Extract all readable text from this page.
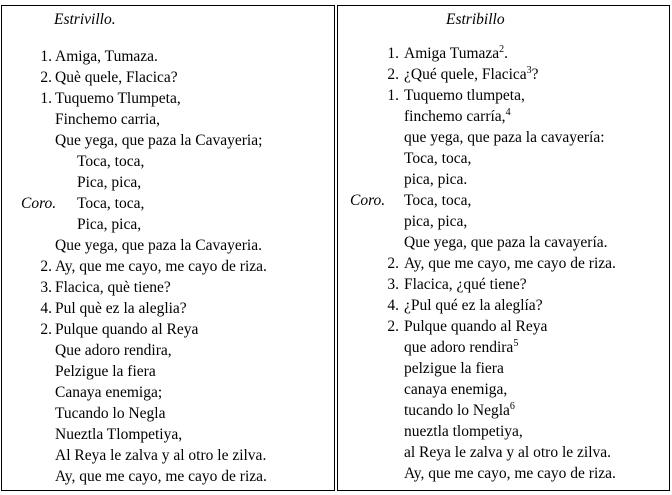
Estrivillo.
1. Amiga, Tumaza.
2. Què quele, Flacica?
1. Tuquemo Tlumpeta,
Finchemo carria,
Que yega, que paza la Cavayeria;
Toca, toca,
Pica, pica,
Coro. Toca, toca,
Pica, pica,
Que yega, que paza la Cavayeria.
2. Ay, que me cayo, me cayo de riza.
3. Flacica, què tiene?
4. Pul què ez la aleglia?
2. Pulque quando al Reya
Que adoro rendira,
Pelzigue la fiera
Canaya enemiga;
Tucando lo Negla
Nueztla Tlompetiya,
Al Reya le zalva y al otro le zilva.
Ay, que me cayo, me cayo de riza.
Estribillo
1. Amiga Tumaza$^2$.
2. ¿Qué quele, Flacica$^3$?
1. Tuquemo tlumpeta,
finchemo carría,$^4$
que yega, que paza la cavayería:
Toca, toca,
pica, pica.
Coro. Toca, toca,
pica, pica,
Que yega, que paza la cavayería.
2. Ay, que me cayo, me cayo de riza.
3. Flacica, ¿qué tiene?
4. ¿Pul qué ez la aleglía?
2. Pulque quando al Reya
que adoro rendira$^5$
pelzigue la fiera
canaya enemiga,
tucando lo Negla$^6$
nueztla tlompetiya,
al Reya le zalva y al otro le zilva.
Ay, que me cayo, me cayo de riza.
